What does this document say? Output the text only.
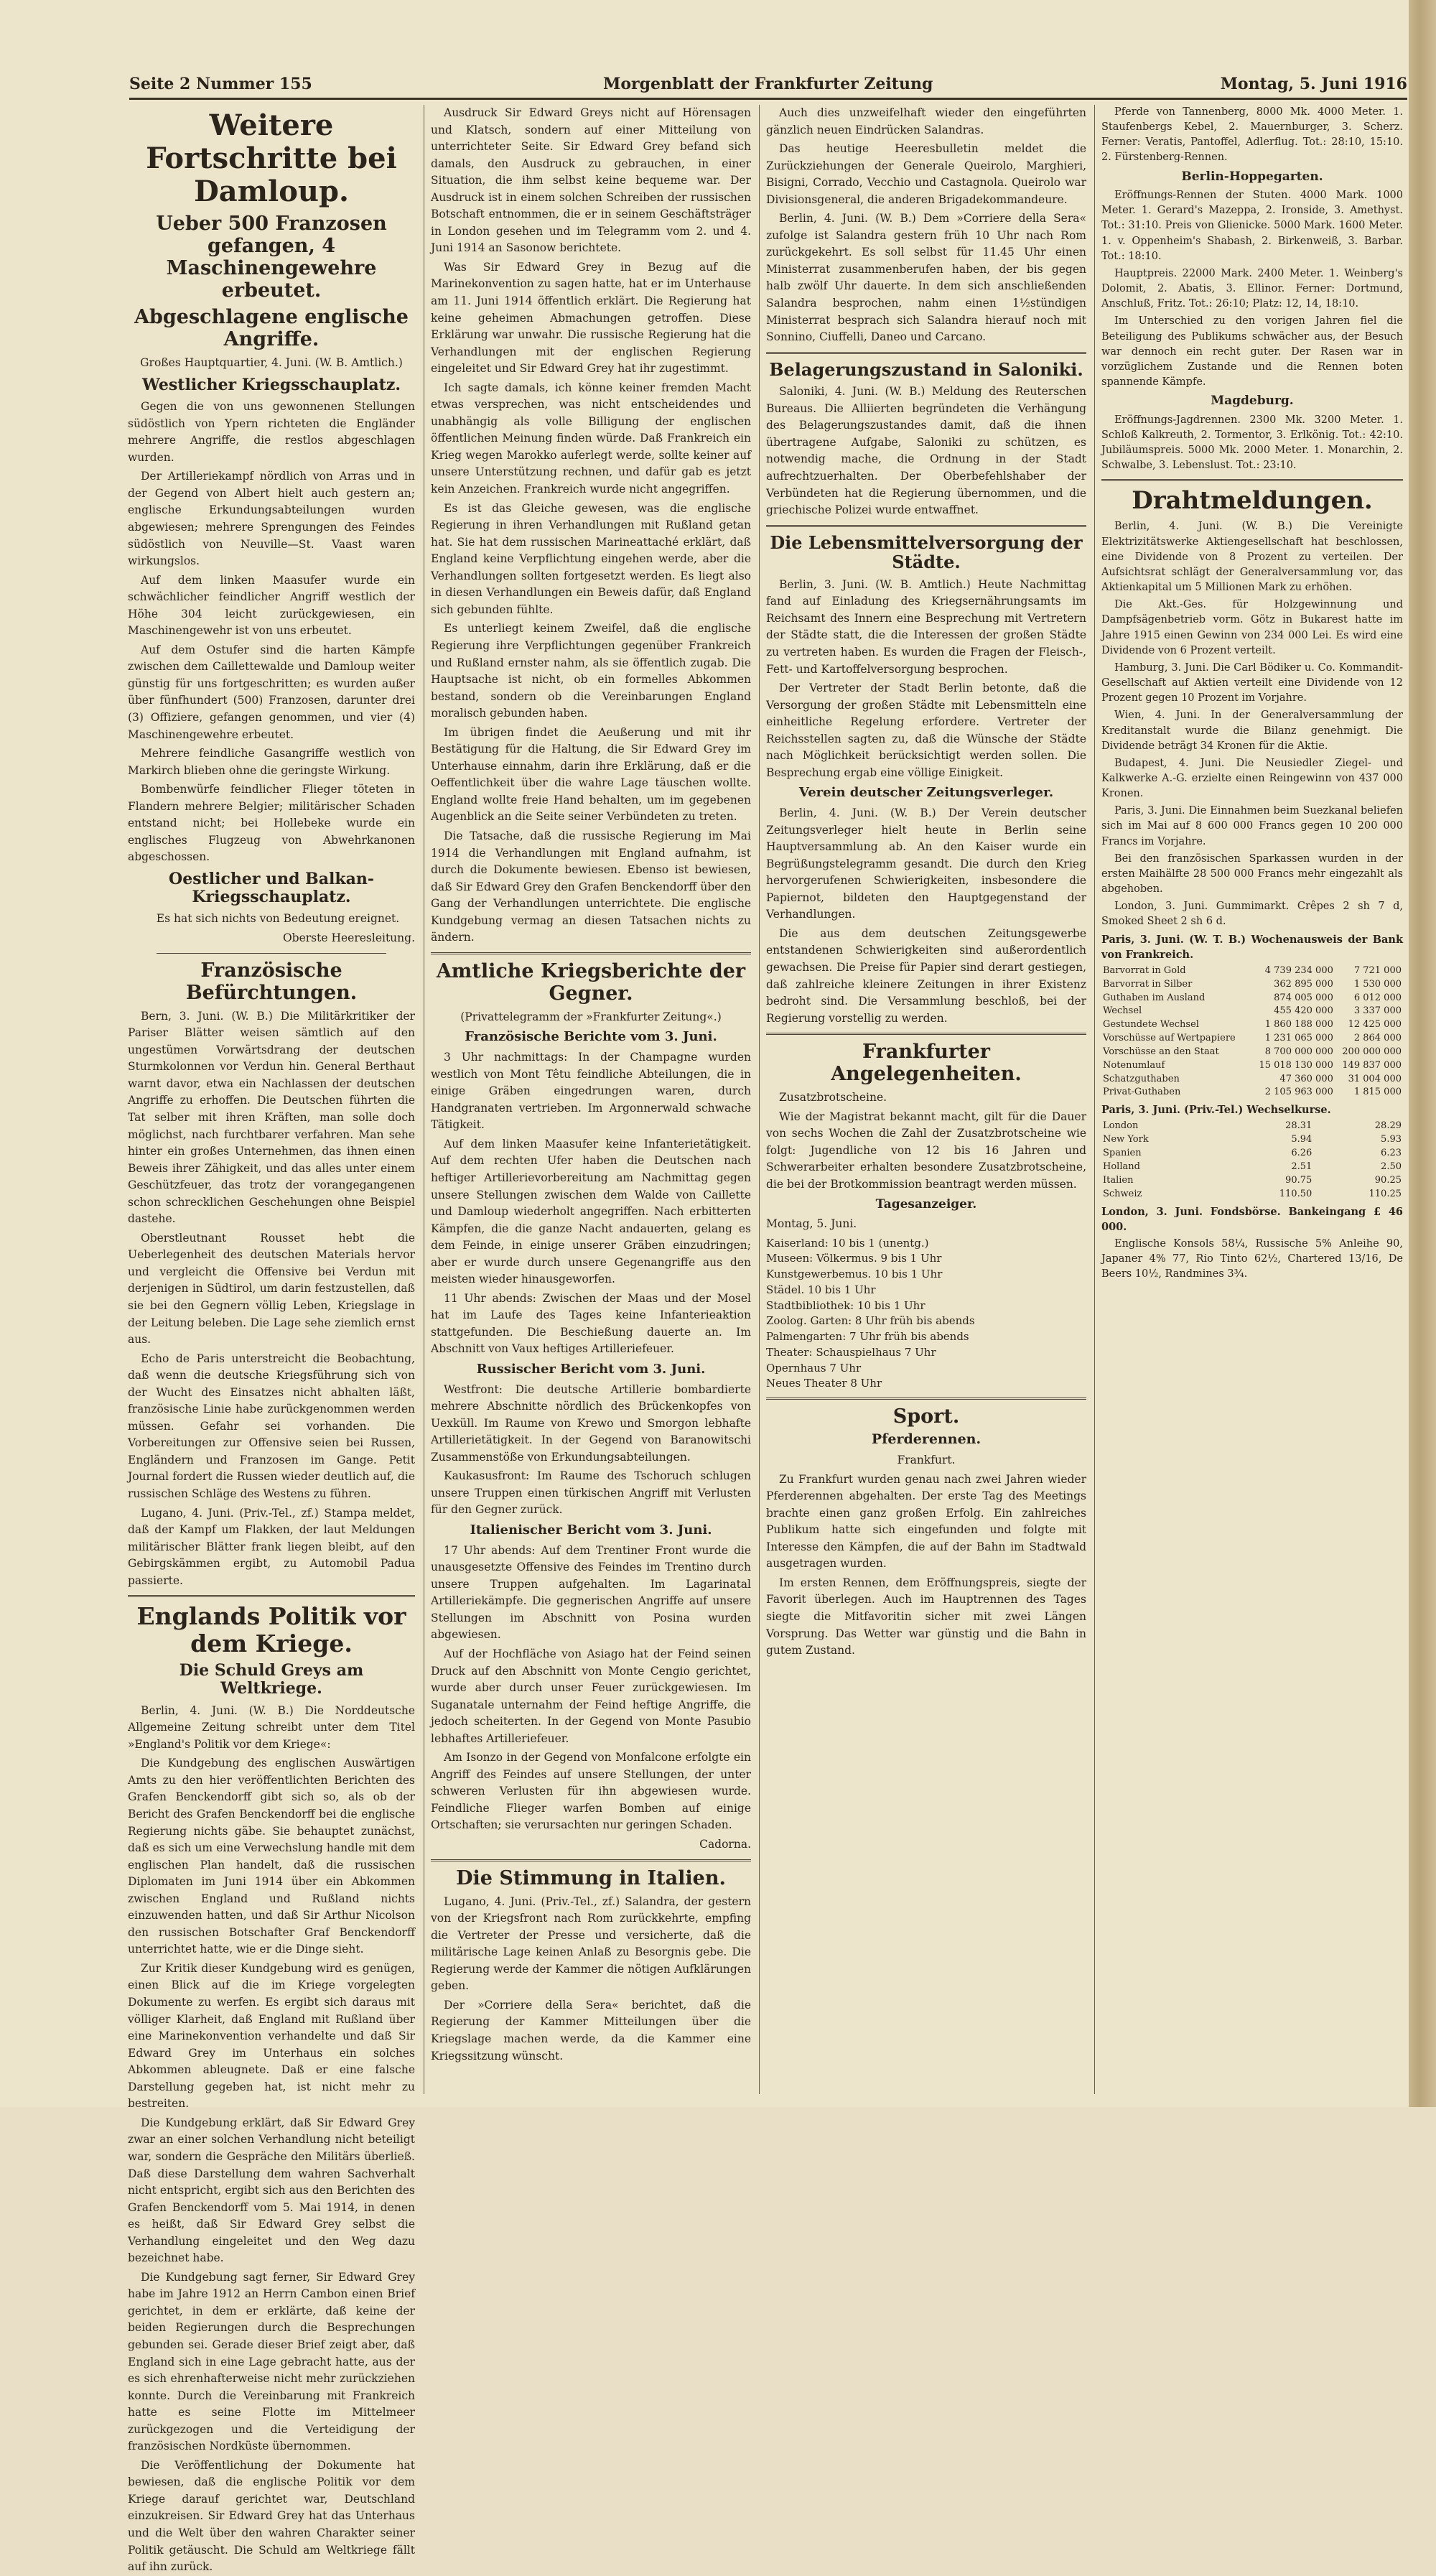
Seite 2 Nummer 155	Morgenblatt der Frankfurter Zeitung	Montag, 5. Juni 1916
Weitere Fortschritte bei Damloup.
Ueber 500 Franzosen gefangen, 4 Maschinengewehre erbeutet.
Abgeschlagene englische Angriffe.
Großes Hauptquartier, 4. Juni. (W. B. Amtlich.)
Westlicher Kriegsschauplatz.
Gegen die von uns gewonnenen Stellungen südöstlich von Ypern richteten die Engländer mehrere Angriffe, die restlos abgeschlagen wurden.
Der Artilleriekampf nördlich von Arras und in der Gegend von Albert hielt auch gestern an; englische Erkundungsabteilungen wurden abgewiesen; mehrere Sprengungen des Feindes südöstlich von Neuville—St. Vaast waren wirkungslos.
Auf dem linken Maasufer wurde ein schwächlicher feindlicher Angriff westlich der Höhe 304 leicht zurückgewiesen, ein Maschinengewehr ist von uns erbeutet.
Auf dem Ostufer sind die harten Kämpfe zwischen dem Caillettewalde und Damloup weiter günstig für uns fortgeschritten; es wurden außer über fünfhundert (500) Franzosen, darunter drei (3) Offiziere, gefangen genommen, und vier (4) Maschinengewehre erbeutet.
Mehrere feindliche Gasangriffe westlich von Markirch blieben ohne die geringste Wirkung.
Bombenwürfe feindlicher Flieger töteten in Flandern mehrere Belgier; militärischer Schaden entstand nicht; bei Hollebeke wurde ein englisches Flugzeug von Abwehrkanonen abgeschossen.
Oestlicher und Balkan-Kriegsschauplatz.
Es hat sich nichts von Bedeutung ereignet.
Oberste Heeresleitung.
Französische Befürchtungen.
Bern, 3. Juni. (W. B.) Die Militärkritiker der Pariser Blätter weisen sämtlich auf den ungestümen Vorwärtsdrang der deutschen Sturmkolonnen vor Verdun hin. General Berthaut warnt davor, etwa ein Nachlassen der deutschen Angriffe zu erhoffen. Die Deutschen führten die Tat selber mit ihren Kräften, man solle doch möglichst, nach furchtbarer verfahren. Man sehe hinter ein großes Unternehmen, das ihnen einen Beweis ihrer Zähigkeit, und das alles unter einem Geschützfeuer, das trotz der vorangegangenen schon schrecklichen Geschehungen ohne Beispiel dastehe.
Oberstleutnant Rousset hebt die Ueberlegenheit des deutschen Materials hervor und vergleicht die Offensive bei Verdun mit derjenigen in Südtirol, um darin festzustellen, daß sie bei den Gegnern völlig Leben, Kriegslage in der Leitung beleben. Die Lage sehe ziemlich ernst aus.
Echo de Paris unterstreicht die Beobachtung, daß wenn die deutsche Kriegsführung sich von der Wucht des Einsatzes nicht abhalten läßt, französische Linie habe zurückgenommen werden müssen. Gefahr sei vorhanden. Die Vorbereitungen zur Offensive seien bei Russen, Engländern und Franzosen im Gange. Petit Journal fordert die Russen wieder deutlich auf, die russischen Schläge des Westens zu führen.
Lugano, 4. Juni. (Priv.-Tel., zf.) Stampa meldet, daß der Kampf um Flakken, der laut Meldungen militärischer Blätter frank liegen bleibt, auf den Gebirgskämmen ergibt, zu Automobil Padua passierte.
Englands Politik vor dem Kriege.
Die Schuld Greys am Weltkriege.
Berlin, 4. Juni. (W. B.) Die Norddeutsche Allgemeine Zeitung schreibt unter dem Titel »England's Politik vor dem Kriege«:
Die Kundgebung des englischen Auswärtigen Amts zu den hier veröffentlichten Berichten des Grafen Benckendorff gibt sich so, als ob der Bericht des Grafen Benckendorff bei die englische Regierung nichts gäbe. Sie behauptet zunächst, daß es sich um eine Verwechslung handle mit dem englischen Plan handelt, daß die russischen Diplomaten im Juni 1914 über ein Abkommen zwischen England und Rußland nichts einzuwenden hatten, und daß Sir Arthur Nicolson den russischen Botschafter Graf Benckendorff unterrichtet hatte, wie er die Dinge sieht.
Zur Kritik dieser Kundgebung wird es genügen, einen Blick auf die im Kriege vorgelegten Dokumente zu werfen. Es ergibt sich daraus mit völliger Klarheit, daß England mit Rußland über eine Marinekonvention verhandelte und daß Sir Edward Grey im Unterhaus ein solches Abkommen ableugnete. Daß er eine falsche Darstellung gegeben hat, ist nicht mehr zu bestreiten.
Die Kundgebung erklärt, daß Sir Edward Grey zwar an einer solchen Verhandlung nicht beteiligt war, sondern die Gespräche den Militärs überließ. Daß diese Darstellung dem wahren Sachverhalt nicht entspricht, ergibt sich aus den Berichten des Grafen Benckendorff vom 5. Mai 1914, in denen es heißt, daß Sir Edward Grey selbst die Verhandlung eingeleitet und den Weg dazu bezeichnet habe.
Die Kundgebung sagt ferner, Sir Edward Grey habe im Jahre 1912 an Herrn Cambon einen Brief gerichtet, in dem er erklärte, daß keine der beiden Regierungen durch die Besprechungen gebunden sei. Gerade dieser Brief zeigt aber, daß England sich in eine Lage gebracht hatte, aus der es sich ehrenhafterweise nicht mehr zurückziehen konnte. Durch die Vereinbarung mit Frankreich hatte es seine Flotte im Mittelmeer zurückgezogen und die Verteidigung der französischen Nordküste übernommen.
Die Veröffentlichung der Dokumente hat bewiesen, daß die englische Politik vor dem Kriege darauf gerichtet war, Deutschland einzukreisen. Sir Edward Grey hat das Unterhaus und die Welt über den wahren Charakter seiner Politik getäuscht. Die Schuld am Weltkriege fällt auf ihn zurück.
Ausdruck Sir Edward Greys nicht auf Hörensagen und Klatsch, sondern auf einer Mitteilung von unterrichteter Seite. Sir Edward Grey befand sich damals, den Ausdruck zu gebrauchen, in einer Situation, die ihm selbst keine bequeme war. Der Ausdruck ist in einem solchen Schreiben der russischen Botschaft entnommen, die er in seinem Geschäftsträger in London gesehen und im Telegramm vom 2. und 4. Juni 1914 an Sasonow berichtete.
Was Sir Edward Grey in Bezug auf die Marinekonvention zu sagen hatte, hat er im Unterhause am 11. Juni 1914 öffentlich erklärt. Die Regierung hat keine geheimen Abmachungen getroffen. Diese Erklärung war unwahr. Die russische Regierung hat die Verhandlungen mit der englischen Regierung eingeleitet und Sir Edward Grey hat ihr zugestimmt.
Ich sagte damals, ich könne keiner fremden Macht etwas versprechen, was nicht entscheidendes und unabhängig als volle Billigung der englischen öffentlichen Meinung finden würde. Daß Frankreich ein Krieg wegen Marokko auferlegt werde, sollte keiner auf unsere Unterstützung rechnen, und dafür gab es jetzt kein Anzeichen. Frankreich wurde nicht angegriffen.
Es ist das Gleiche gewesen, was die englische Regierung in ihren Verhandlungen mit Rußland getan hat. Sie hat dem russischen Marineattaché erklärt, daß England keine Verpflichtung eingehen werde, aber die Verhandlungen sollten fortgesetzt werden. Es liegt also in diesen Verhandlungen ein Beweis dafür, daß England sich gebunden fühlte.
Es unterliegt keinem Zweifel, daß die englische Regierung ihre Verpflichtungen gegenüber Frankreich und Rußland ernster nahm, als sie öffentlich zugab. Die Hauptsache ist nicht, ob ein formelles Abkommen bestand, sondern ob die Vereinbarungen England moralisch gebunden haben.
Im übrigen findet die Aeußerung und mit ihr Bestätigung für die Haltung, die Sir Edward Grey im Unterhause einnahm, darin ihre Erklärung, daß er die Oeffentlichkeit über die wahre Lage täuschen wollte. England wollte freie Hand behalten, um im gegebenen Augenblick an die Seite seiner Verbündeten zu treten.
Die Tatsache, daß die russische Regierung im Mai 1914 die Verhandlungen mit England aufnahm, ist durch die Dokumente bewiesen. Ebenso ist bewiesen, daß Sir Edward Grey den Grafen Benckendorff über den Gang der Verhandlungen unterrichtete. Die englische Kundgebung vermag an diesen Tatsachen nichts zu ändern.
Amtliche Kriegsberichte der Gegner.
(Privattelegramm der »Frankfurter Zeitung«.)
Französische Berichte vom 3. Juni.
3 Uhr nachmittags: In der Champagne wurden westlich von Mont Têtu feindliche Abteilungen, die in einige Gräben eingedrungen waren, durch Handgranaten vertrieben. Im Argonnerwald schwache Tätigkeit.
Auf dem linken Maasufer keine Infanterietätigkeit. Auf dem rechten Ufer haben die Deutschen nach heftiger Artillerievorbereitung am Nachmittag gegen unsere Stellungen zwischen dem Walde von Caillette und Damloup wiederholt angegriffen. Nach erbitterten Kämpfen, die die ganze Nacht andauerten, gelang es dem Feinde, in einige unserer Gräben einzudringen; aber er wurde durch unsere Gegenangriffe aus den meisten wieder hinausgeworfen.
11 Uhr abends: Zwischen der Maas und der Mosel hat im Laufe des Tages keine Infanterieaktion stattgefunden. Die Beschießung dauerte an. Im Abschnitt von Vaux heftiges Artilleriefeuer.
Russischer Bericht vom 3. Juni.
Westfront: Die deutsche Artillerie bombardierte mehrere Abschnitte nördlich des Brückenkopfes von Uexküll. Im Raume von Krewo und Smorgon lebhafte Artillerietätigkeit. In der Gegend von Baranowitschi Zusammenstöße von Erkundungsabteilungen.
Kaukasusfront: Im Raume des Tschoruch schlugen unsere Truppen einen türkischen Angriff mit Verlusten für den Gegner zurück.
Italienischer Bericht vom 3. Juni.
17 Uhr abends: Auf dem Trentiner Front wurde die unausgesetzte Offensive des Feindes im Trentino durch unsere Truppen aufgehalten. Im Lagarinatal Artilleriekämpfe. Die gegnerischen Angriffe auf unsere Stellungen im Abschnitt von Posina wurden abgewiesen.
Auf der Hochfläche von Asiago hat der Feind seinen Druck auf den Abschnitt von Monte Cengio gerichtet, wurde aber durch unser Feuer zurückgewiesen. Im Suganatale unternahm der Feind heftige Angriffe, die jedoch scheiterten. In der Gegend von Monte Pasubio lebhaftes Artilleriefeuer.
Am Isonzo in der Gegend von Monfalcone erfolgte ein Angriff des Feindes auf unsere Stellungen, der unter schweren Verlusten für ihn abgewiesen wurde. Feindliche Flieger warfen Bomben auf einige Ortschaften; sie verursachten nur geringen Schaden.
Cadorna.
Die Stimmung in Italien.
Lugano, 4. Juni. (Priv.-Tel., zf.) Salandra, der gestern von der Kriegsfront nach Rom zurückkehrte, empfing die Vertreter der Presse und versicherte, daß die militärische Lage keinen Anlaß zu Besorgnis gebe. Die Regierung werde der Kammer die nötigen Aufklärungen geben.
Der »Corriere della Sera« berichtet, daß die Regierung der Kammer Mitteilungen über die Kriegslage machen werde, da die Kammer eine Kriegssitzung wünscht.
Auch dies unzweifelhaft wieder den eingeführten gänzlich neuen Eindrücken Salandras.
Das heutige Heeresbulletin meldet die Zurückziehungen der Generale Queirolo, Marghieri, Bisigni, Corrado, Vecchio und Castagnola. Queirolo war Divisionsgeneral, die anderen Brigadekommandeure.
Berlin, 4. Juni. (W. B.) Dem »Corriere della Sera« zufolge ist Salandra gestern früh 10 Uhr nach Rom zurückgekehrt. Es soll selbst für 11.45 Uhr einen Ministerrat zusammenberufen haben, der bis gegen halb zwölf Uhr dauerte. In dem sich anschließenden Salandra besprochen, nahm einen 1½stündigen Ministerrat besprach sich Salandra hierauf noch mit Sonnino, Ciuffelli, Daneo und Carcano.
Belagerungszustand in Saloniki.
Saloniki, 4. Juni. (W. B.) Meldung des Reuterschen Bureaus. Die Alliierten begründeten die Verhängung des Belagerungszustandes damit, daß die ihnen übertragene Aufgabe, Saloniki zu schützen, es notwendig mache, die Ordnung in der Stadt aufrechtzuerhalten. Der Oberbefehlshaber der Verbündeten hat die Regierung übernommen, und die griechische Polizei wurde entwaffnet.
Die Lebensmittelversorgung der Städte.
Berlin, 3. Juni. (W. B. Amtlich.) Heute Nachmittag fand auf Einladung des Kriegsernährungsamts im Reichsamt des Innern eine Besprechung mit Vertretern der Städte statt, die die Interessen der großen Städte zu vertreten haben. Es wurden die Fragen der Fleisch-, Fett- und Kartoffelversorgung besprochen.
Der Vertreter der Stadt Berlin betonte, daß die Versorgung der großen Städte mit Lebensmitteln eine einheitliche Regelung erfordere. Vertreter der Reichsstellen sagten zu, daß die Wünsche der Städte nach Möglichkeit berücksichtigt werden sollen. Die Besprechung ergab eine völlige Einigkeit.
Verein deutscher Zeitungsverleger.
Berlin, 4. Juni. (W. B.) Der Verein deutscher Zeitungsverleger hielt heute in Berlin seine Hauptversammlung ab. An den Kaiser wurde ein Begrüßungstelegramm gesandt. Die durch den Krieg hervorgerufenen Schwierigkeiten, insbesondere die Papiernot, bildeten den Hauptgegenstand der Verhandlungen.
Die aus dem deutschen Zeitungsgewerbe entstandenen Schwierigkeiten sind außerordentlich gewachsen. Die Preise für Papier sind derart gestiegen, daß zahlreiche kleinere Zeitungen in ihrer Existenz bedroht sind. Die Versammlung beschloß, bei der Regierung vorstellig zu werden.
Frankfurter Angelegenheiten.
Zusatzbrotscheine.
Wie der Magistrat bekannt macht, gilt für die Dauer von sechs Wochen die Zahl der Zusatzbrotscheine wie folgt: Jugendliche von 12 bis 16 Jahren und Schwerarbeiter erhalten besondere Zusatzbrotscheine, die bei der Brotkommission beantragt werden müssen.
Tagesanzeiger.
Montag, 5. Juni.
Kaiserland: 10 bis 1 (unentg.)
Museen: Völkermus. 9 bis 1 Uhr
Kunstgewerbemus. 10 bis 1 Uhr
Städel. 10 bis 1 Uhr
Stadtbibliothek: 10 bis 1 Uhr
Zoolog. Garten: 8 Uhr früh bis abends
Palmengarten: 7 Uhr früh bis abends
Theater: Schauspielhaus 7 Uhr
Opernhaus 7 Uhr
Neues Theater 8 Uhr
Sport.
Pferderennen.
Frankfurt.
Zu Frankfurt wurden genau nach zwei Jahren wieder Pferderennen abgehalten. Der erste Tag des Meetings brachte einen ganz großen Erfolg. Ein zahlreiches Publikum hatte sich eingefunden und folgte mit Interesse den Kämpfen, die auf der Bahn im Stadtwald ausgetragen wurden.
Im ersten Rennen, dem Eröffnungspreis, siegte der Favorit überlegen. Auch im Hauptrennen des Tages siegte die Mitfavoritin sicher mit zwei Längen Vorsprung. Das Wetter war günstig und die Bahn in gutem Zustand.
Pferde von Tannenberg, 8000 Mk. 4000 Meter. 1. Staufenbergs Kebel, 2. Mauernburger, 3. Scherz. Ferner: Veratis, Pantoffel, Adlerflug. Tot.: 28:10, 15:10. 2. Fürstenberg-Rennen.
Berlin-Hoppegarten.
Eröffnungs-Rennen der Stuten. 4000 Mark. 1000 Meter. 1. Gerard's Mazeppa, 2. Ironside, 3. Amethyst. Tot.: 31:10. Preis von Glienicke. 5000 Mark. 1600 Meter. 1. v. Oppenheim's Shabash, 2. Birkenweiß, 3. Barbar. Tot.: 18:10.
Hauptpreis. 22000 Mark. 2400 Meter. 1. Weinberg's Dolomit, 2. Abatis, 3. Ellinor. Ferner: Dortmund, Anschluß, Fritz. Tot.: 26:10; Platz: 12, 14, 18:10.
Im Unterschied zu den vorigen Jahren fiel die Beteiligung des Publikums schwächer aus, der Besuch war dennoch ein recht guter. Der Rasen war in vorzüglichem Zustande und die Rennen boten spannende Kämpfe.
Magdeburg.
Eröffnungs-Jagdrennen. 2300 Mk. 3200 Meter. 1. Schloß Kalkreuth, 2. Tormentor, 3. Erlkönig. Tot.: 42:10. Jubiläumspreis. 5000 Mk. 2000 Meter. 1. Monarchin, 2. Schwalbe, 3. Lebenslust. Tot.: 23:10.
Drahtmeldungen.
Berlin, 4. Juni. (W. B.) Die Vereinigte Elektrizitätswerke Aktiengesellschaft hat beschlossen, eine Dividende von 8 Prozent zu verteilen. Der Aufsichtsrat schlägt der Generalversammlung vor, das Aktienkapital um 5 Millionen Mark zu erhöhen.
Die Akt.-Ges. für Holzgewinnung und Dampfsägenbetrieb vorm. Götz in Bukarest hatte im Jahre 1915 einen Gewinn von 234 000 Lei. Es wird eine Dividende von 6 Prozent verteilt.
Hamburg, 3. Juni. Die Carl Bödiker u. Co. Kommandit-Gesellschaft auf Aktien verteilt eine Dividende von 12 Prozent gegen 10 Prozent im Vorjahre.
Wien, 4. Juni. In der Generalversammlung der Kreditanstalt wurde die Bilanz genehmigt. Die Dividende beträgt 34 Kronen für die Aktie.
Budapest, 4. Juni. Die Neusiedler Ziegel- und Kalkwerke A.-G. erzielte einen Reingewinn von 437 000 Kronen.
Paris, 3. Juni. Die Einnahmen beim Suezkanal beliefen sich im Mai auf 8 600 000 Francs gegen 10 200 000 Francs im Vorjahre.
Bei den französischen Sparkassen wurden in der ersten Maihälfte 28 500 000 Francs mehr eingezahlt als abgehoben.
London, 3. Juni. Gummimarkt. Crêpes 2 sh 7 d, Smoked Sheet 2 sh 6 d.
Paris, 3. Juni. (W. T. B.) Wochenausweis der Bank von Frankreich.
Barvorrat in Gold	4 739 234 000	7 721 000
Barvorrat in Silber	362 895 000	1 530 000
Guthaben im Ausland	874 005 000	6 012 000
Wechsel	455 420 000	3 337 000
Gestundete Wechsel	1 860 188 000	12 425 000
Vorschüsse auf Wertpapiere	1 231 065 000	2 864 000
Vorschüsse an den Staat	8 700 000 000	200 000 000
Notenumlauf	15 018 130 000	149 837 000
Schatzguthaben	47 360 000	31 004 000
Privat-Guthaben	2 105 963 000	1 815 000
Paris, 3. Juni. (Priv.-Tel.) Wechselkurse.
London	28.31	28.29
New York	5.94	5.93
Spanien	6.26	6.23
Holland	2.51	2.50
Italien	90.75	90.25
Schweiz	110.50	110.25
London, 3. Juni. Fondsbörse. Bankeingang £ 46 000.
Englische Konsols 58¼, Russische 5% Anleihe 90, Japaner 4% 77, Rio Tinto 62½, Chartered 13/16, De Beers 10½, Randmines 3¾.
